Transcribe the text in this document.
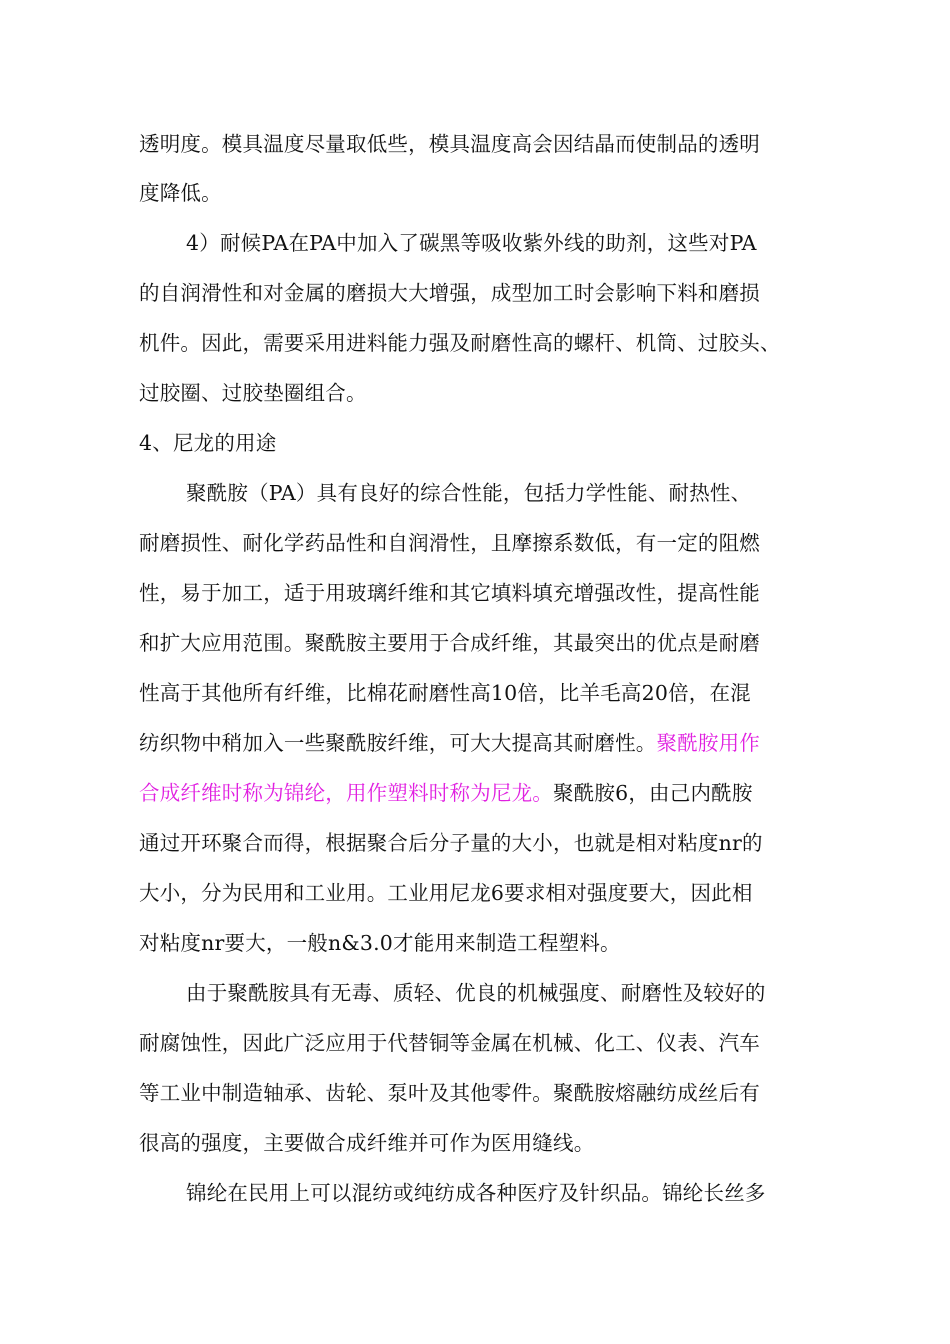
透明度。模具温度尽量取低些，模具温度高会因结晶而使制品的透明
度降低。
4）耐候PA在PA中加入了碳黑等吸收紫外线的助剂，这些对PA
的自润滑性和对金属的磨损大大增强，成型加工时会影响下料和磨损
机件。因此，需要采用进料能力强及耐磨性高的螺杆、机筒、过胶头、
过胶圈、过胶垫圈组合。
4、尼龙的用途
聚酰胺（PA）具有良好的综合性能，包括力学性能、耐热性、
耐磨损性、耐化学药品性和自润滑性，且摩擦系数低，有一定的阻燃
性，易于加工，适于用玻璃纤维和其它填料填充增强改性，提高性能
和扩大应用范围。聚酰胺主要用于合成纤维，其最突出的优点是耐磨
性高于其他所有纤维，比棉花耐磨性高10倍，比羊毛高20倍，在混
纺织物中稍加入一些聚酰胺纤维，可大大提高其耐磨性。聚酰胺用作
合成纤维时称为锦纶，用作塑料时称为尼龙。聚酰胺6，由己内酰胺
通过开环聚合而得，根据聚合后分子量的大小，也就是相对粘度nr的
大小，分为民用和工业用。工业用尼龙6要求相对强度要大，因此相
对粘度nr要大，一般n&3.0才能用来制造工程塑料。
由于聚酰胺具有无毒、质轻、优良的机械强度、耐磨性及较好的
耐腐蚀性，因此广泛应用于代替铜等金属在机械、化工、仪表、汽车
等工业中制造轴承、齿轮、泵叶及其他零件。聚酰胺熔融纺成丝后有
很高的强度，主要做合成纤维并可作为医用缝线。
锦纶在民用上可以混纺或纯纺成各种医疗及针织品。锦纶长丝多
